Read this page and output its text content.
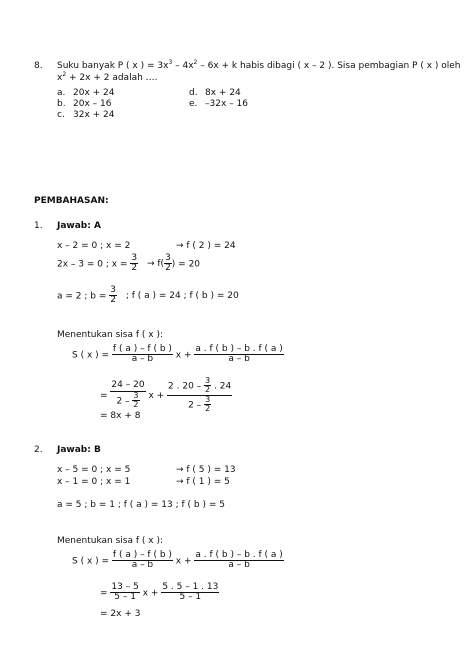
8. Suku banyak P ( x ) = $3x^3 - 4x^2 - 6x + k$ habis dibagi ( x – 2 ). Sisa pembagian P ( x ) oleh
$x^2 + 2x + 2$ adalah ….
a. 20x + 24
b. 20x – 16
c. 32x + 24
d. 8x + 24
e. –32x – 16
PEMBAHASAN:
1. Jawab: A
x – 2 = 0 ; x = 2	→ f ( 2 ) = 24
2x – 3 = 0 ; $x = \frac{3}{2} \to f( \frac{3}{2}$ ) = 20
a = 2 ; $b = \frac{3}{2}$ ; f ( a ) = 24 ; f ( b ) = 20
Menentukan sisa f ( x ):
S ( x ) = $\frac{f ( a ) - f ( b )}{a - b}$ $x + \frac{a . f ( b ) - b . f ( a )}{a - b}$
= $\frac{24 - 20}{2 - \frac{3}{2}}$ $x + \frac{2 . 20 - \frac{3}{2} . 24}{2 - \frac{3}{2}}$
= 8x + 8
2. Jawab: B
x – 5 = 0 ; x = 5	→ f ( 5 ) = 13
x – 1 = 0 ; x = 1	→ f ( 1 ) = 5
a = 5 ; b = 1 ; f ( a ) = 13 ; f ( b ) = 5
Menentukan sisa f ( x ):
S ( x ) = $\frac{f ( a ) - f ( b )}{a - b}$ $x + \frac{a . f ( b ) - b . f ( a )}{a - b}$
= $\frac{13 - 5}{5 - 1}$ $x + \frac{5 . 5 - 1 . 13}{5 - 1}$
= 2x + 3
